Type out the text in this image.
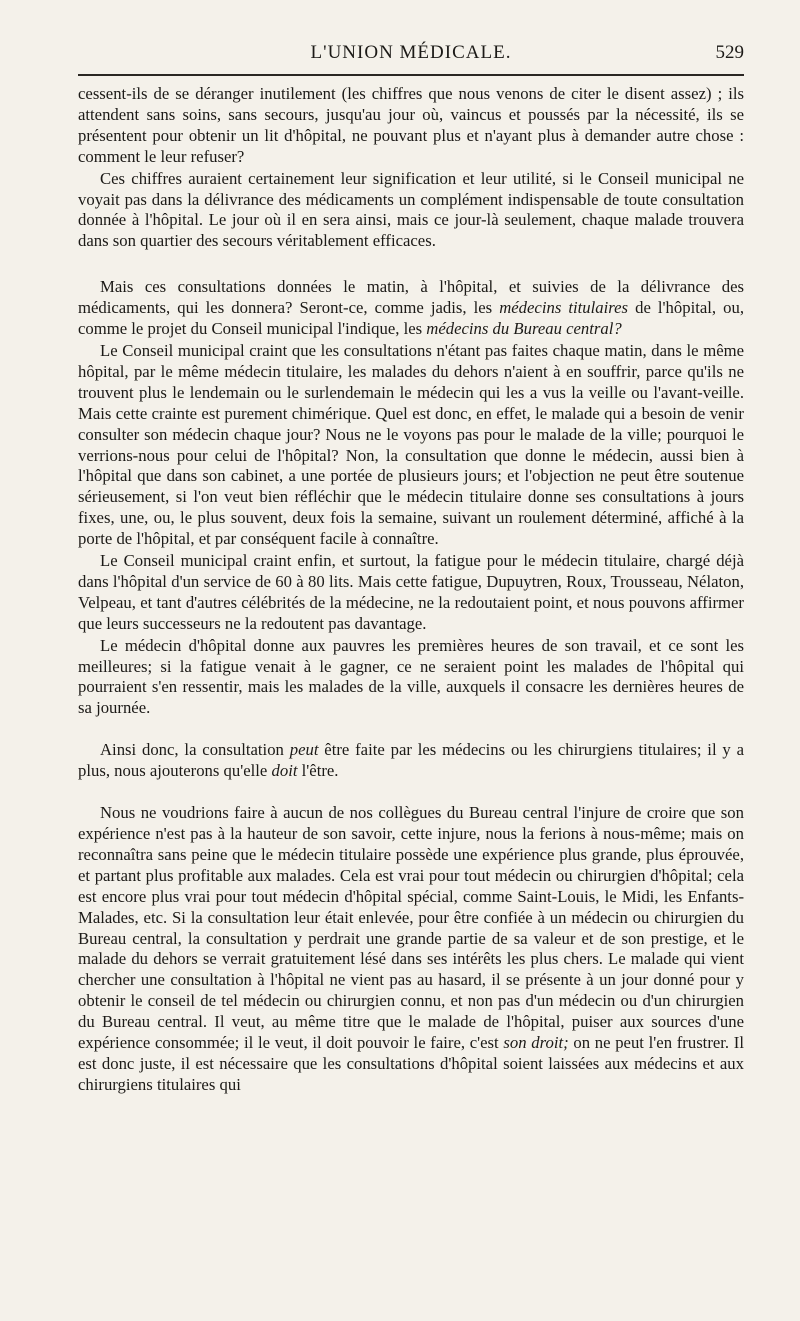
L'UNION MÉDICALE.	529

cessent-ils de se déranger inutilement (les chiffres que nous venons de citer le disent assez) ; ils attendent sans soins, sans secours, jusqu'au jour où, vaincus et poussés par la nécessité, ils se présentent pour obtenir un lit d'hôpital, ne pouvant plus et n'ayant plus à demander autre chose : comment le leur refuser?

Ces chiffres auraient certainement leur signification et leur utilité, si le Conseil municipal ne voyait pas dans la délivrance des médicaments un complément indispensable de toute consultation donnée à l'hôpital. Le jour où il en sera ainsi, mais ce jour-là seulement, chaque malade trouvera dans son quartier des secours véritablement efficaces.

Mais ces consultations données le matin, à l'hôpital, et suivies de la délivrance des médicaments, qui les donnera? Seront-ce, comme jadis, les médecins titulaires de l'hôpital, ou, comme le projet du Conseil municipal l'indique, les médecins du Bureau central?

Le Conseil municipal craint que les consultations n'étant pas faites chaque matin, dans le même hôpital, par le même médecin titulaire, les malades du dehors n'aient à en souffrir, parce qu'ils ne trouvent plus le lendemain ou le surlendemain le médecin qui les a vus la veille ou l'avant-veille. Mais cette crainte est purement chimérique. Quel est donc, en effet, le malade qui a besoin de venir consulter son médecin chaque jour? Nous ne le voyons pas pour le malade de la ville; pourquoi le verrions-nous pour celui de l'hôpital? Non, la consultation que donne le médecin, aussi bien à l'hôpital que dans son cabinet, a une portée de plusieurs jours; et l'objection ne peut être soutenue sérieusement, si l'on veut bien réfléchir que le médecin titulaire donne ses consultations à jours fixes, une, ou, le plus souvent, deux fois la semaine, suivant un roulement déterminé, affiché à la porte de l'hôpital, et par conséquent facile à connaître.

Le Conseil municipal craint enfin, et surtout, la fatigue pour le médecin titulaire, chargé déjà dans l'hôpital d'un service de 60 à 80 lits. Mais cette fatigue, Dupuytren, Roux, Trousseau, Nélaton, Velpeau, et tant d'autres célébrités de la médecine, ne la redoutaient point, et nous pouvons affirmer que leurs successeurs ne la redoutent pas davantage.

Le médecin d'hôpital donne aux pauvres les premières heures de son travail, et ce sont les meilleures; si la fatigue venait à le gagner, ce ne seraient point les malades de l'hôpital qui pourraient s'en ressentir, mais les malades de la ville, auxquels il consacre les dernières heures de sa journée.

Ainsi donc, la consultation peut être faite par les médecins ou les chirurgiens titulaires; il y a plus, nous ajouterons qu'elle doit l'être.

Nous ne voudrions faire à aucun de nos collègues du Bureau central l'injure de croire que son expérience n'est pas à la hauteur de son savoir, cette injure, nous la ferions à nous-même; mais on reconnaîtra sans peine que le médecin titulaire possède une expérience plus grande, plus éprouvée, et partant plus profitable aux malades. Cela est vrai pour tout médecin ou chirurgien d'hôpital; cela est encore plus vrai pour tout médecin d'hôpital spécial, comme Saint-Louis, le Midi, les Enfants-Malades, etc. Si la consultation leur était enlevée, pour être confiée à un médecin ou chirurgien du Bureau central, la consultation y perdrait une grande partie de sa valeur et de son prestige, et le malade du dehors se verrait gratuitement lésé dans ses intérêts les plus chers. Le malade qui vient chercher une consultation à l'hôpital ne vient pas au hasard, il se présente à un jour donné pour y obtenir le conseil de tel médecin ou chirurgien connu, et non pas d'un médecin ou d'un chirurgien du Bureau central. Il veut, au même titre que le malade de l'hôpital, puiser aux sources d'une expérience consommée; il le veut, il doit pouvoir le faire, c'est son droit; on ne peut l'en frustrer. Il est donc juste, il est nécessaire que les consultations d'hôpital soient laissées aux médecins et aux chirurgiens titulaires qui
